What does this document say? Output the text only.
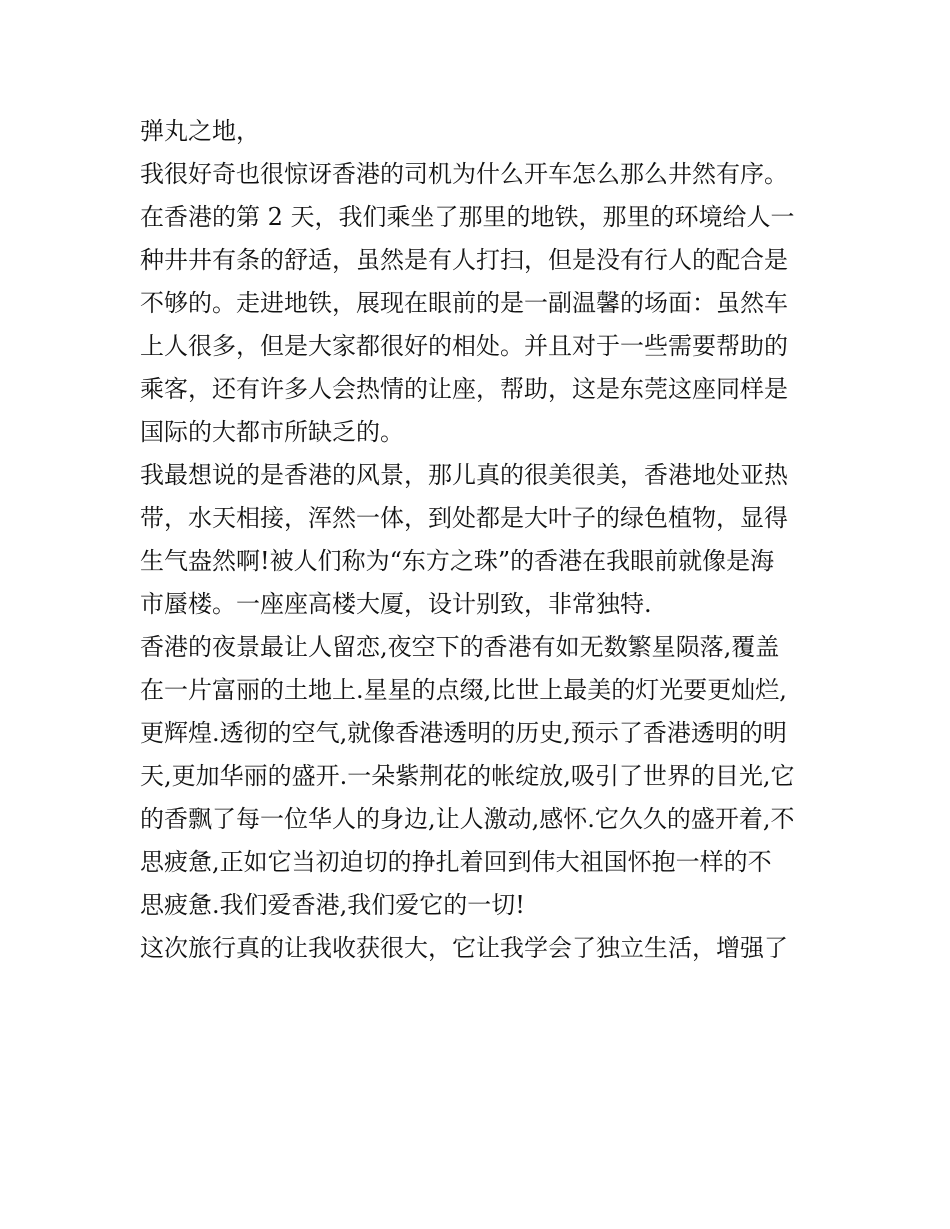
弹丸之地，
我很好奇也很惊讶香港的司机为什么开车怎么那么井然有序。
在香港的第 2 天，我们乘坐了那里的地铁，那里的环境给人一
种井井有条的舒适，虽然是有人打扫，但是没有行人的配合是
不够的。走进地铁，展现在眼前的是一副温馨的场面：虽然车
上人很多，但是大家都很好的相处。并且对于一些需要帮助的
乘客，还有许多人会热情的让座，帮助，这是东莞这座同样是
国际的大都市所缺乏的。
我最想说的是香港的风景，那儿真的很美很美，香港地处亚热
带，水天相接，浑然一体，到处都是大叶子的绿色植物，显得
生气盎然啊!被人们称为“东方之珠”的香港在我眼前就像是海
市蜃楼。一座座高楼大厦，设计别致，非常独特.
香港的夜景最让人留恋,夜空下的香港有如无数繁星陨落,覆盖
在一片富丽的土地上.星星的点缀,比世上最美的灯光要更灿烂,
更辉煌.透彻的空气,就像香港透明的历史,预示了香港透明的明
天,更加华丽的盛开.一朵紫荆花的帐绽放,吸引了世界的目光,它
的香飘了每一位华人的身边,让人激动,感怀.它久久的盛开着,不
思疲惫,正如它当初迫切的挣扎着回到伟大祖国怀抱一样的不
思疲惫.我们爱香港,我们爱它的一切!
这次旅行真的让我收获很大，它让我学会了独立生活，增强了
